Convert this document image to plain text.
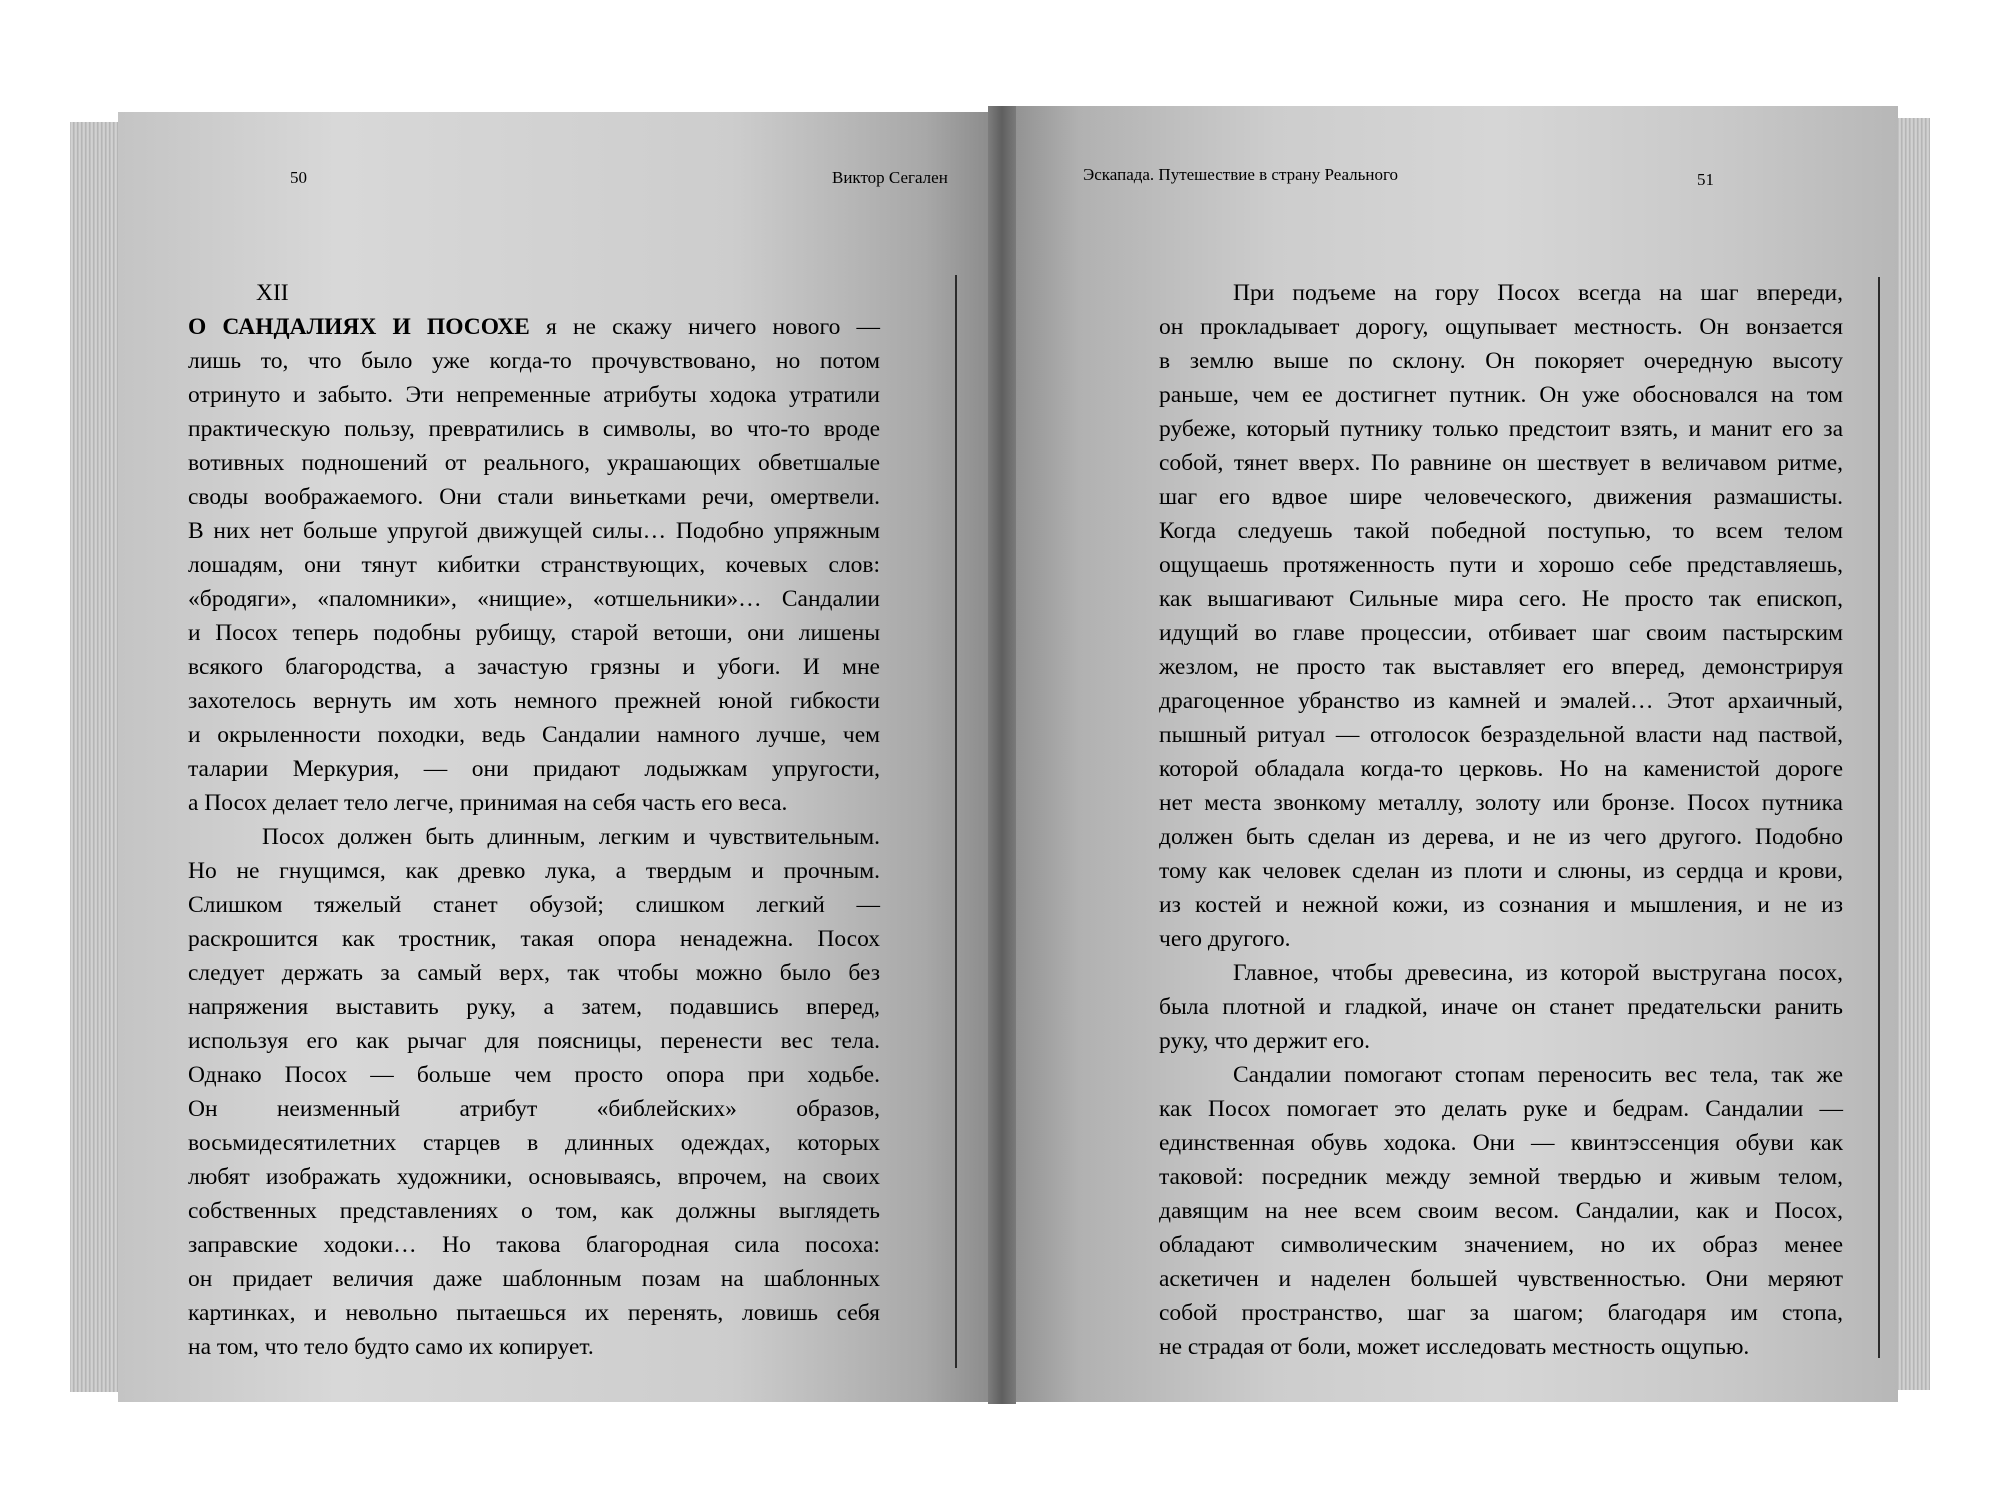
50	Виктор Сегален	Эскапада. Путешествие в страну Реального	51
XII
О САНДАЛИЯХ И ПОСОХЕ я не скажу ничего нового —
лишь то, что было уже когда-то прочувствовано, но потом
отринуто и забыто. Эти непременные атрибуты ходока утратили
практическую пользу, превратились в символы, во что-то вроде
вотивных подношений от реального, украшающих обветшалые
своды воображаемого. Они стали виньетками речи, омертвели.
В них нет больше упругой движущей силы… Подобно упряжным
лошадям, они тянут кибитки странствующих, кочевых слов:
«бродяги», «паломники», «нищие», «отшельники»… Сандалии
и Посох теперь подобны рубищу, старой ветоши, они лишены
всякого благородства, а зачастую грязны и убоги. И мне
захотелось вернуть им хоть немного прежней юной гибкости
и окрыленности походки, ведь Сандалии намного лучше, чем
таларии Меркурия, — они придают лодыжкам упругости,
а Посох делает тело легче, принимая на себя часть его веса.
Посох должен быть длинным, легким и чувствительным.
Но не гнущимся, как древко лука, а твердым и прочным.
Слишком тяжелый станет обузой; слишком легкий —
раскрошится как тростник, такая опора ненадежна. Посох
следует держать за самый верх, так чтобы можно было без
напряжения выставить руку, а затем, подавшись вперед,
используя его как рычаг для поясницы, перенести вес тела.
Однако Посох — больше чем просто опора при ходьбе.
Он неизменный атрибут «библейских» образов,
восьмидесятилетних старцев в длинных одеждах, которых
любят изображать художники, основываясь, впрочем, на своих
собственных представлениях о том, как должны выглядеть
заправские ходоки… Но такова благородная сила посоха:
он придает величия даже шаблонным позам на шаблонных
картинках, и невольно пытаешься их перенять, ловишь себя
на том, что тело будто само их копирует.
При подъеме на гору Посох всегда на шаг впереди,
он прокладывает дорогу, ощупывает местность. Он вонзается
в землю выше по склону. Он покоряет очередную высоту
раньше, чем ее достигнет путник. Он уже обосновался на том
рубеже, который путнику только предстоит взять, и манит его за
собой, тянет вверх. По равнине он шествует в величавом ритме,
шаг его вдвое шире человеческого, движения размашисты.
Когда следуешь такой победной поступью, то всем телом
ощущаешь протяженность пути и хорошо себе представляешь,
как вышагивают Сильные мира сего. Не просто так епископ,
идущий во главе процессии, отбивает шаг своим пастырским
жезлом, не просто так выставляет его вперед, демонстрируя
драгоценное убранство из камней и эмалей… Этот архаичный,
пышный ритуал — отголосок безраздельной власти над паствой,
которой обладала когда-то церковь. Но на каменистой дороге
нет места звонкому металлу, золоту или бронзе. Посох путника
должен быть сделан из дерева, и не из чего другого. Подобно
тому как человек сделан из плоти и слюны, из сердца и крови,
из костей и нежной кожи, из сознания и мышления, и не из
чего другого.
Главное, чтобы древесина, из которой выстругана посох,
была плотной и гладкой, иначе он станет предательски ранить
руку, что держит его.
Сандалии помогают стопам переносить вес тела, так же
как Посох помогает это делать руке и бедрам. Сандалии —
единственная обувь ходока. Они — квинтэссенция обуви как
таковой: посредник между земной твердью и живым телом,
давящим на нее всем своим весом. Сандалии, как и Посох,
обладают символическим значением, но их образ менее
аскетичен и наделен большей чувственностью. Они меряют
собой пространство, шаг за шагом; благодаря им стопа,
не страдая от боли, может исследовать местность ощупью.
